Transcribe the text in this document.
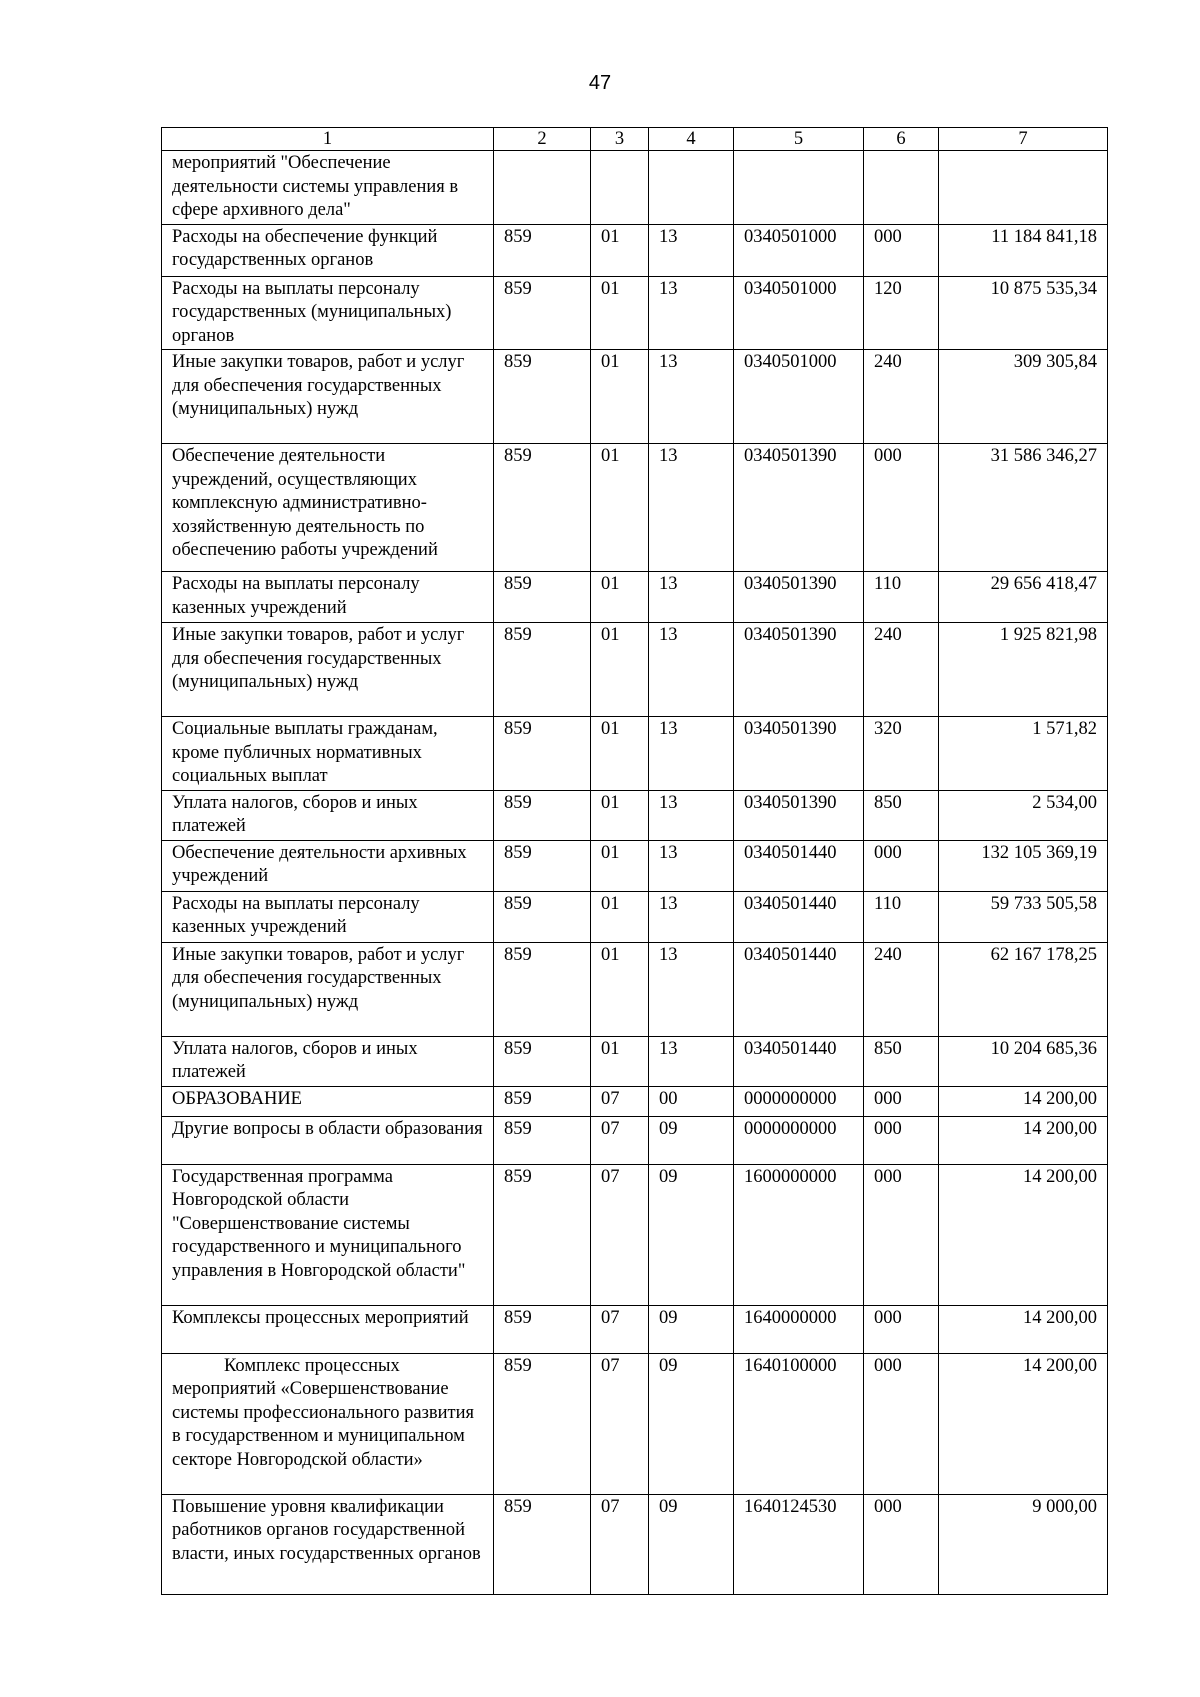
47
1	2	3	4	5	6	7
мероприятий "Обеспечение деятельности системы управления в сфере архивного дела"						
Расходы на обеспечение функций государственных органов	859	01	13	0340501000	000	11 184 841,18
Расходы на выплаты персоналу государственных (муниципальных) органов	859	01	13	0340501000	120	10 875 535,34
Иные закупки товаров, работ и услуг для обеспечения государственных (муниципальных) нужд	859	01	13	0340501000	240	309 305,84
Обеспечение деятельности учреждений, осуществляющих комплексную административно-хозяйственную деятельность по обеспечению работы учреждений	859	01	13	0340501390	000	31 586 346,27
Расходы на выплаты персоналу казенных учреждений	859	01	13	0340501390	110	29 656 418,47
Иные закупки товаров, работ и услуг для обеспечения государственных (муниципальных) нужд	859	01	13	0340501390	240	1 925 821,98
Социальные выплаты гражданам, кроме публичных нормативных социальных выплат	859	01	13	0340501390	320	1 571,82
Уплата налогов, сборов и иных платежей	859	01	13	0340501390	850	2 534,00
Обеспечение деятельности архивных учреждений	859	01	13	0340501440	000	132 105 369,19
Расходы на выплаты персоналу казенных учреждений	859	01	13	0340501440	110	59 733 505,58
Иные закупки товаров, работ и услуг для обеспечения государственных (муниципальных) нужд	859	01	13	0340501440	240	62 167 178,25
Уплата налогов, сборов и иных платежей	859	01	13	0340501440	850	10 204 685,36
ОБРАЗОВАНИЕ	859	07	00	0000000000	000	14 200,00
Другие вопросы в области образования	859	07	09	0000000000	000	14 200,00
Государственная программа Новгородской области "Совершенствование системы государственного и муниципального управления в Новгородской области"	859	07	09	1600000000	000	14 200,00
Комплексы процессных мероприятий	859	07	09	1640000000	000	14 200,00
Комплекс процессных мероприятий «Совершенствование системы профессионального развития в государственном и муниципальном секторе Новгородской области»	859	07	09	1640100000	000	14 200,00
Повышение уровня квалификации работников органов государственной власти, иных государственных органов	859	07	09	1640124530	000	9 000,00
